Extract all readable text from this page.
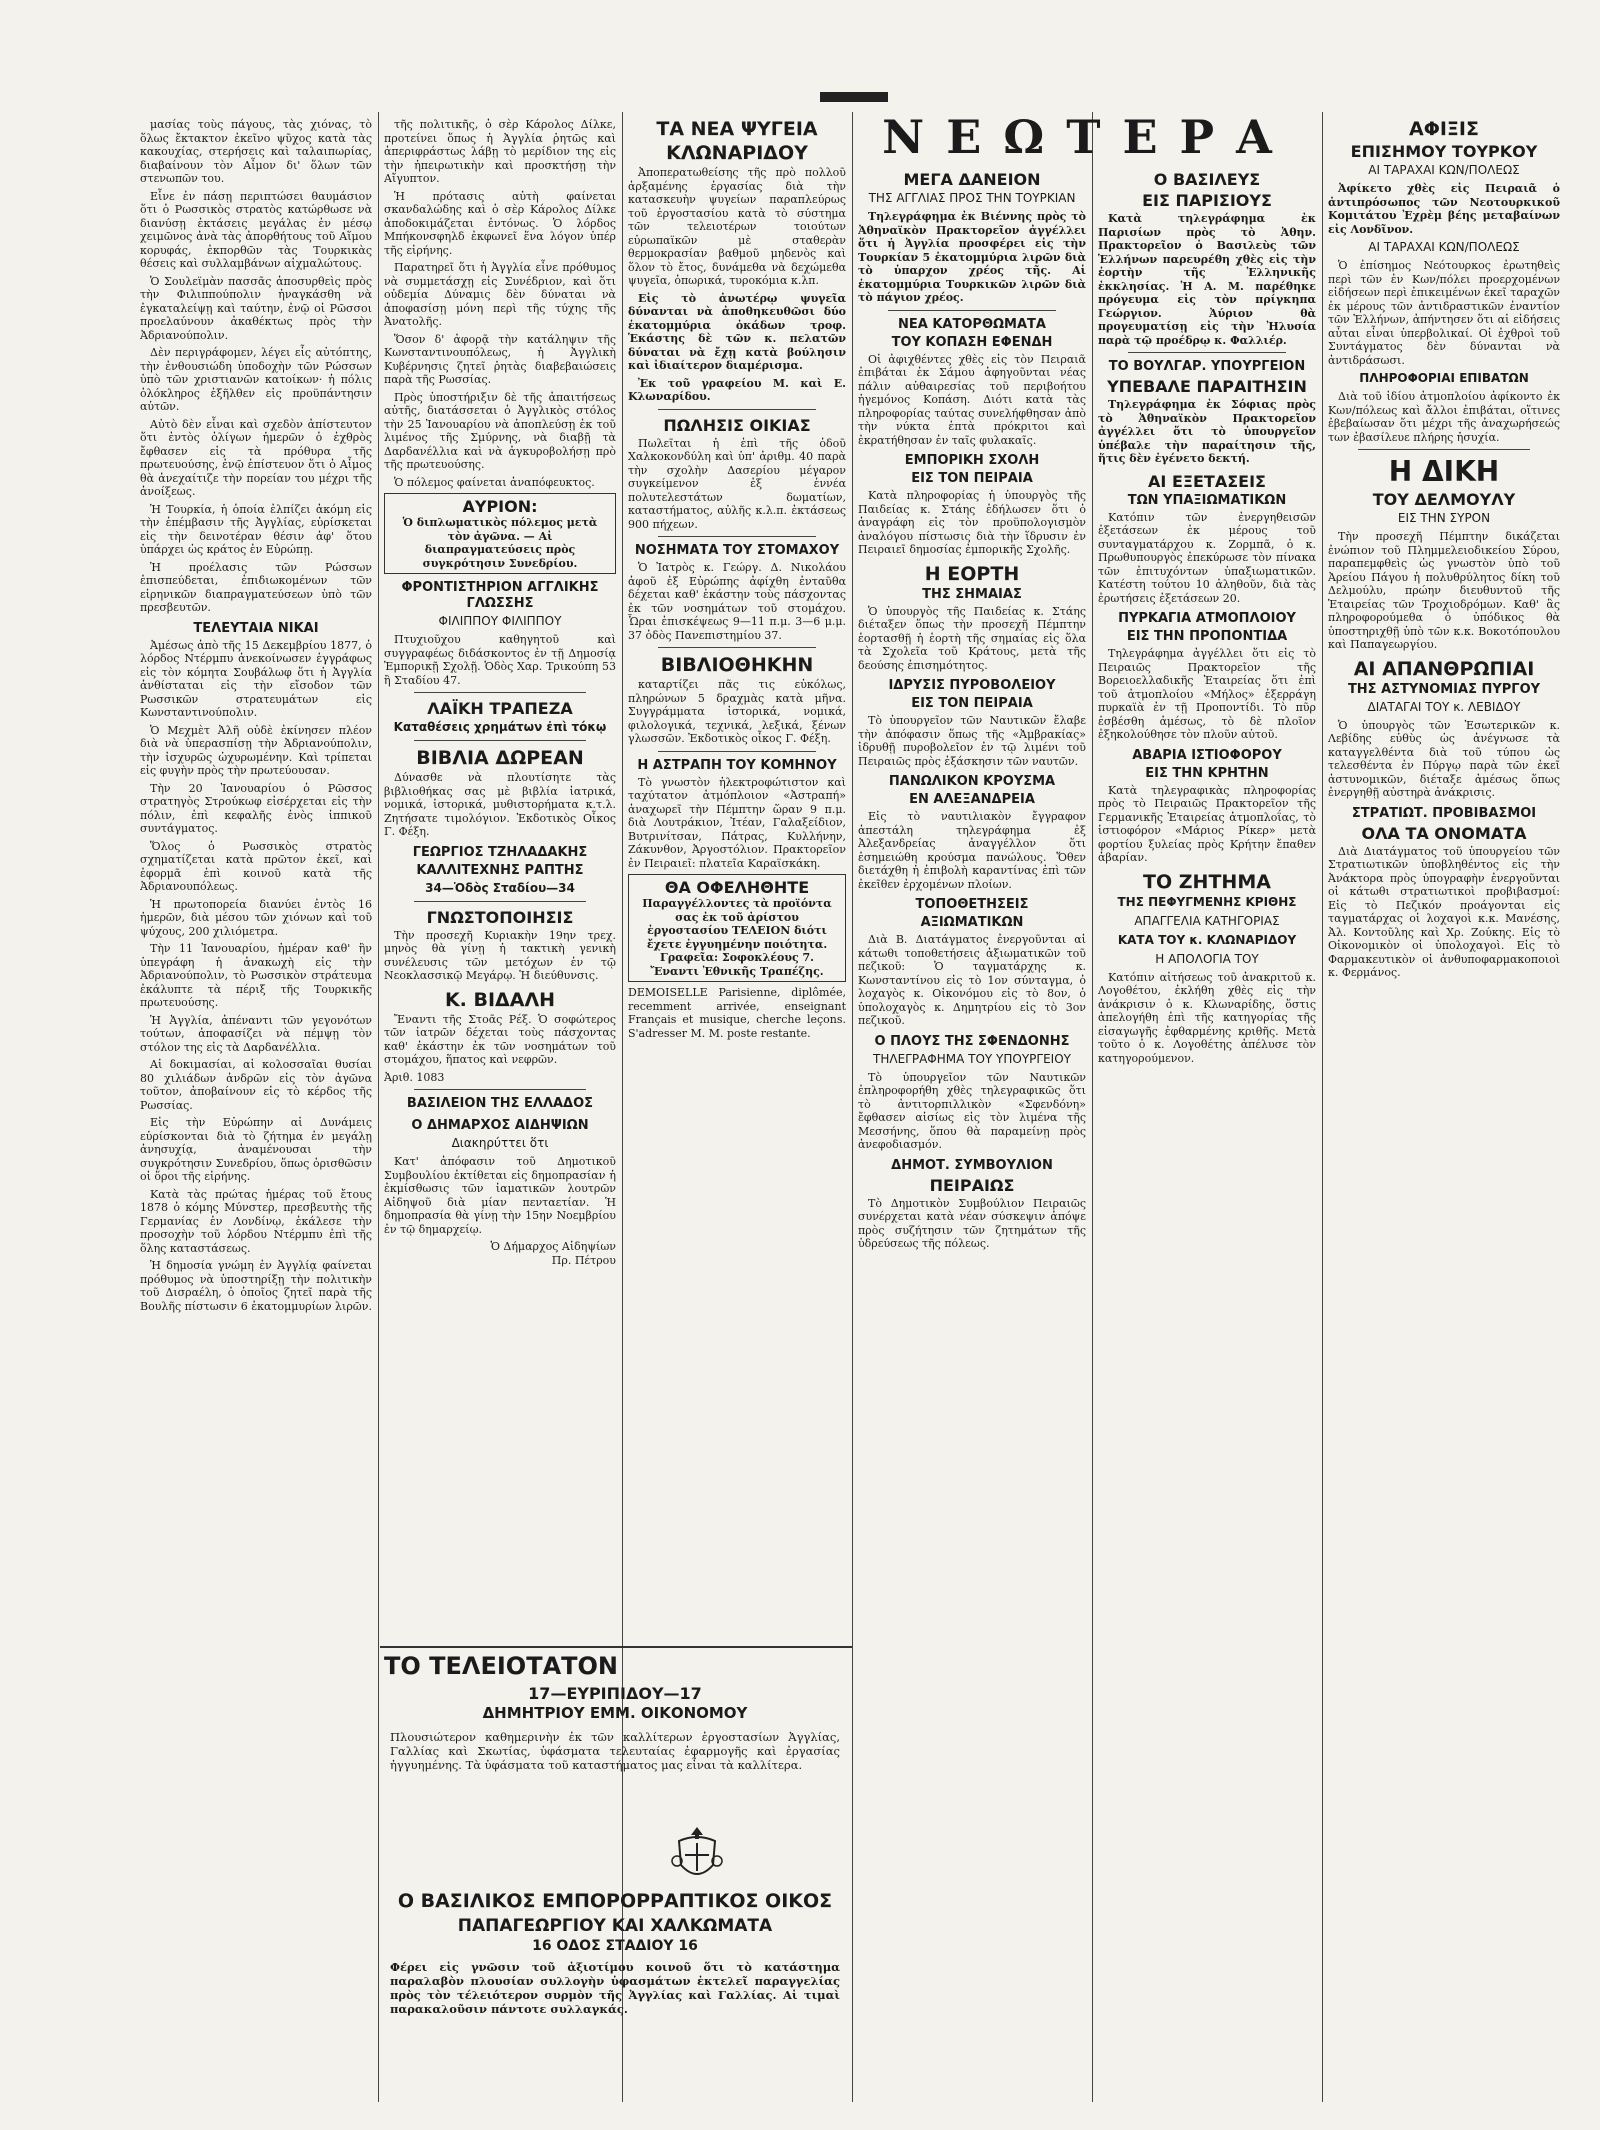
ΝΕΩΤΕΡΑ

μασίας τοὺς πάγους, τὰς χιόνας, τὸ ὅλως ἔκτακτον ἐκεῖνο ψῦχος κατὰ τὰς κακουχίας, στερήσεις καὶ ταλαιπωρίας, διαβαίνουν τὸν Αἶμον δι' ὅλων τῶν στενωπῶν του.

Εἶνε ἐν πάσῃ περιπτώσει θαυμάσιον ὅτι ὁ Ρωσσικὸς στρατὸς κατώρθωσε νὰ διανύσῃ ἐκτάσεις μεγάλας ἐν μέσῳ χειμῶνος ἀνὰ τὰς ἀπορθήτους τοῦ Αἵμου κορυφάς, ἐκπορθῶν τὰς Τουρκικὰς θέσεις καὶ συλλαμβάνων αἰχμαλώτους.

Ὁ Σουλεϊμὰν πασσᾶς ἀποσυρθεὶς πρὸς τὴν Φιλιππούπολιν ἠναγκάσθη νὰ ἐγκαταλείψῃ καὶ ταύτην, ἐνῷ οἱ Ρῶσσοι προελαύνουν ἀκαθέκτως πρὸς τὴν Ἀδριανούπολιν.

Δὲν περιγράφομεν, λέγει εἷς αὐτόπτης, τὴν ἐνθουσιώδη ὑποδοχὴν τῶν Ρώσσων ὑπὸ τῶν χριστιανῶν κατοίκων· ἡ πόλις ὁλόκληρος ἐξῆλθεν εἰς προϋπάντησιν αὐτῶν.

Αὐτὸ δὲν εἶναι καὶ σχεδὸν ἀπίστευτον ὅτι ἐντὸς ὀλίγων ἡμερῶν ὁ ἐχθρὸς ἔφθασεν εἰς τὰ πρόθυρα τῆς πρωτευούσης, ἐνῷ ἐπίστευον ὅτι ὁ Αἷμος θὰ ἀνεχαίτιζε τὴν πορείαν του μέχρι τῆς ἀνοίξεως.

Ἡ Τουρκία, ἡ ὁποία ἐλπίζει ἀκόμη εἰς τὴν ἐπέμβασιν τῆς Ἀγγλίας, εὑρίσκεται εἰς τὴν δεινοτέραν θέσιν ἀφ' ὅτου ὑπάρχει ὡς κράτος ἐν Εὐρώπῃ.

Ἡ προέλασις τῶν Ρώσσων ἐπισπεύδεται, ἐπιδιωκομένων τῶν εἰρηνικῶν διαπραγματεύσεων ὑπὸ τῶν πρεσβευτῶν.

ΤΕΛΕΥΤΑΙΑ ΝΙΚΑΙ

Ἀμέσως ἀπὸ τῆς 15 Δεκεμβρίου 1877, ὁ λόρδος Ντέρμπυ ἀνεκοίνωσεν ἐγγράφως εἰς τὸν κόμητα Σουβάλωφ ὅτι ἡ Ἀγγλία ἀνθίσταται εἰς τὴν εἴσοδον τῶν Ρωσσικῶν στρατευμάτων εἰς Κωνσταντινούπολιν.

Ὁ Μεχμὲτ Ἀλῆ οὐδὲ ἐκίνησεν πλέον διὰ νὰ ὑπερασπίσῃ τὴν Ἀδριανούπολιν, τὴν ἰσχυρῶς ὠχυρωμένην. Καὶ τρίπεται εἰς φυγὴν πρὸς τὴν πρωτεύουσαν.

Τὴν 20 Ἰανουαρίου ὁ Ρῶσσος στρατηγὸς Στρούκωφ εἰσέρχεται εἰς τὴν πόλιν, ἐπὶ κεφαλῆς ἑνὸς ἱππικοῦ συντάγματος.

Ὅλος ὁ Ρωσσικὸς στρατὸς σχηματίζεται κατὰ πρῶτον ἐκεῖ, καὶ ἐφορμᾶ ἐπὶ κοινοῦ κατὰ τῆς Ἀδριανουπόλεως.

Ἡ πρωτοπορεία διανύει ἐντὸς 16 ἡμερῶν, διὰ μέσου τῶν χιόνων καὶ τοῦ ψύχους, 200 χιλιόμετρα.

Τὴν 11 Ἰανουαρίου, ἡμέραν καθ' ἣν ὑπεγράφη ἡ ἀνακωχὴ εἰς τὴν Ἀδριανούπολιν, τὸ Ρωσσικὸν στράτευμα ἐκάλυπτε τὰ πέριξ τῆς Τουρκικῆς πρωτευούσης.

Ἡ Ἀγγλία, ἀπέναντι τῶν γεγονότων τούτων, ἀποφασίζει νὰ πέμψῃ τὸν στόλον της εἰς τὰ Δαρδανέλλια.

Αἱ δοκιμασίαι, αἱ κολοσσαῖαι θυσίαι 80 χιλιάδων ἀνδρῶν εἰς τὸν ἀγῶνα τοῦτον, ἀποβαίνουν εἰς τὸ κέρδος τῆς Ρωσσίας.

Εἰς τὴν Εὐρώπην αἱ Δυνάμεις εὑρίσκονται διὰ τὸ ζήτημα ἐν μεγάλῃ ἀνησυχίᾳ, ἀναμένουσαι τὴν συγκρότησιν Συνεδρίου, ὅπως ὁρισθῶσιν οἱ ὅροι τῆς εἰρήνης.

Κατὰ τὰς πρώτας ἡμέρας τοῦ ἔτους 1878 ὁ κόμης Μύνστερ, πρεσβευτὴς τῆς Γερμανίας ἐν Λονδίνῳ, ἐκάλεσε τὴν προσοχὴν τοῦ λόρδου Ντέρμπυ ἐπὶ τῆς ὅλης καταστάσεως.

Ἡ δημοσία γνώμη ἐν Ἀγγλίᾳ φαίνεται πρόθυμος νὰ ὑποστηρίξῃ τὴν πολιτικὴν τοῦ Δισραέλη, ὁ ὁποῖος ζητεῖ παρὰ τῆς Βουλῆς πίστωσιν 6 ἑκατομμυρίων λιρῶν.

τῆς πολιτικῆς, ὁ σὲρ Κάρολος Δίλκε, προτείνει ὅπως ἡ Ἀγγλία ῥητῶς καὶ ἀπεριφράστως λάβῃ τὸ μερίδιον της εἰς τὴν ἠπειρωτικὴν καὶ προσκτήσῃ τὴν Αἴγυπτον.

Ἡ πρότασις αὐτὴ φαίνεται σκανδαλώδης καὶ ὁ σὲρ Κάρολος Δίλκε ἀποδοκιμάζεται ἐντόνως. Ὁ λόρδος Μπήκονσφηλδ ἐκφωνεῖ ἕνα λόγον ὑπέρ τῆς εἰρήνης.

Παρατηρεῖ ὅτι ἡ Ἀγγλία εἶνε πρόθυμος νὰ συμμετάσχῃ εἰς Συνέδριον, καὶ ὅτι οὐδεμία Δύναμις δὲν δύναται νὰ ἀποφασίσῃ μόνη περὶ τῆς τύχης τῆς Ἀνατολῆς.

Ὅσον δ' ἀφορᾷ τὴν κατάληψιν τῆς Κωνσταντινουπόλεως, ἡ Ἀγγλικὴ Κυβέρνησις ζητεῖ ῥητὰς διαβεβαιώσεις παρὰ τῆς Ρωσσίας.

Πρὸς ὑποστήριξιν δὲ τῆς ἀπαιτήσεως αὐτῆς, διατάσσεται ὁ Ἀγγλικὸς στόλος τὴν 25 Ἰανουαρίου νὰ ἀποπλεύσῃ ἐκ τοῦ λιμένος τῆς Σμύρνης, νὰ διαβῇ τὰ Δαρδανέλλια καὶ νὰ ἀγκυροβολήσῃ πρὸ τῆς πρωτευούσης.

Ὁ πόλεμος φαίνεται ἀναπόφευκτος.

ΑΥΡΙΟΝ:
Ὁ διπλωματικὸς πόλεμος μετὰ τὸν ἀγῶνα. — Αἱ διαπραγματεύσεις πρὸς συγκρότησιν Συνεδρίου.
ΦΡΟΝΤΙΣΤΗΡΙΟΝ ΑΓΓΛΙΚΗΣ ΓΛΩΣΣΗΣ
ΦΙΛΙΠΠΟΥ ΦΙΛΙΠΠΟΥ

Πτυχιοῦχου καθηγητοῦ καὶ συγγραφέως διδάσκοντος ἐν τῇ Δημοσίᾳ Ἐμπορικῇ Σχολῇ. Ὁδὸς Χαρ. Τρικούπη 53 ἢ Σταδίου 47.

ΛΑΪΚΗ ΤΡΑΠΕΖΑ
Καταθέσεις χρημάτων ἐπὶ τόκῳ
ΒΙΒΛΙΑ ΔΩΡΕΑΝ

Δύνασθε νὰ πλουτίσητε τὰς βιβλιοθήκας σας μὲ βιβλία ἰατρικά, νομικά, ἱστορικά, μυθιστορήματα κ.τ.λ. Ζητήσατε τιμολόγιον. Ἐκδοτικὸς Οἶκος Γ. Φέξη.

ΓΕΩΡΓΙΟΣ ΤΖΗΛΑΔΑΚΗΣ
ΚΑΛΛΙΤΕΧΝΗΣ ΡΑΠΤΗΣ
34—Ὁδὸς Σταδίου—34
ΓΝΩΣΤΟΠΟΙΗΣΙΣ

Τὴν προσεχῆ Κυριακὴν 19ην τρεχ. μηνὸς θὰ γίνῃ ἡ τακτικὴ γενικὴ συνέλευσις τῶν μετόχων ἐν τῷ Νεοκλασσικῷ Μεγάρῳ. Ἡ διεύθυνσις.

Κ. ΒΙΔΑΛΗ

Ἔναντι τῆς Στοᾶς Ρέξ. Ὁ σοφώτερος τῶν ἰατρῶν δέχεται τοὺς πάσχοντας καθ' ἑκάστην ἐκ τῶν νοσημάτων τοῦ στομάχου, ἥπατος καὶ νεφρῶν.

Ἀριθ. 1083
ΒΑΣΙΛΕΙΟΝ ΤΗΣ ΕΛΛΑΔΟΣ
Ο ΔΗΜΑΡΧΟΣ ΑΙΔΗΨΙΩΝ
Διακηρύττει ὅτι

Κατ' ἀπόφασιν τοῦ Δημοτικοῦ Συμβουλίου ἐκτίθεται εἰς δημοπρασίαν ἡ ἐκμίσθωσις τῶν ἰαματικῶν λουτρῶν Αἰδηψοῦ διὰ μίαν πενταετίαν. Ἡ δημοπρασία θὰ γίνῃ τὴν 15ην Νοεμβρίου ἐν τῷ δημαρχείῳ.

Ὁ Δήμαρχος Αἰδηψίων
Πρ. Πέτρου
ΤΑ ΝΕΑ ΨΥΓΕΙΑ
ΚΛΩΝΑΡΙΔΟΥ

Ἀποπερατωθείσης τῆς πρὸ πολλοῦ ἀρξαμένης ἐργασίας διὰ τὴν κατασκευὴν ψυγείων παραπλεύρως τοῦ ἐργοστασίου κατὰ τὸ σύστημα τῶν τελειοτέρων τοιούτων εὐρωπαϊκῶν μὲ σταθερὰν θερμοκρασίαν βαθμοῦ μηδενὸς καὶ ὅλον τὸ ἔτος, δυνάμεθα νὰ δεχώμεθα ψυγεῖα, ὀπωρικά, τυροκόμια κ.λπ.

Εἰς τὸ ἀνωτέρῳ ψυγεῖα δύνανται νὰ ἀποθηκευθῶσι δύο ἑκατομμύρια ὀκάδων τροφ. Ἑκάστης δὲ τῶν κ. πελατῶν δύναται νὰ ἔχῃ κατὰ βούλησιν καὶ ἰδιαίτερον διαμέρισμα.

Ἐκ τοῦ γραφείου Μ. καὶ Ε. Κλωναρίδου.

ΠΩΛΗΣΙΣ ΟΙΚΙΑΣ

Πωλεῖται ἡ ἐπὶ τῆς ὁδοῦ Χαλκοκονδύλη καὶ ὑπ' ἀριθμ. 40 παρὰ τὴν σχολὴν Δασερίου μέγαρον συγκείμενον ἐξ ἐννέα πολυτελεστάτων δωματίων, καταστήματος, αὐλῆς κ.λ.π. ἐκτάσεως 900 πήχεων.

ΝΟΣΗΜΑΤΑ ΤΟΥ ΣΤΟΜΑΧΟΥ

Ὁ Ἰατρὸς κ. Γεώργ. Δ. Νικολάου ἀφοῦ ἐξ Εὐρώπης ἀφίχθη ἐνταῦθα δέχεται καθ' ἑκάστην τοὺς πάσχοντας ἐκ τῶν νοσημάτων τοῦ στομάχου. Ὧραι ἐπισκέψεως 9—11 π.μ. 3—6 μ.μ. 37 ὁδὸς Πανεπιστημίου 37.

ΒΙΒΛΙΟΘΗΚΗΝ

καταρτίζει πᾶς τις εὐκόλως, πληρώνων 5 δραχμὰς κατὰ μῆνα. Συγγράμματα ἱστορικά, νομικά, φιλολογικά, τεχνικά, λεξικά, ξένων γλωσσῶν. Ἐκδοτικὸς οἶκος Γ. Φέξη.

Η ΑΣΤΡΑΠΗ ΤΟΥ ΚΟΜΗΝΟΥ

Τὸ γνωστὸν ἡλεκτροφώτιστον καὶ ταχύτατον ἀτμόπλοιον «Ἀστραπή» ἀναχωρεῖ τὴν Πέμπτην ὥραν 9 π.μ. διὰ Λουτράκιον, Ἰτέαν, Γαλαξείδιον, Βυτρινίτσαν, Πάτρας, Κυλλήνην, Ζάκυνθον, Ἀργοστόλιον. Πρακτορεῖον ἐν Πειραιεῖ: πλατεῖα Καραϊσκάκη.

ΘΑ ΟΦΕΛΗΘΗΤΕ
Παραγγέλλοντες τὰ προϊόντα σας ἐκ τοῦ ἀρίστου ἐργοστασίου ΤΕΛΕΙΟΝ διότι ἔχετε ἐγγυημένην ποιότητα. Γραφεῖα: Σοφοκλέους 7. Ἔναντι Ἐθνικῆς Τραπέζης.

DEMOISELLE Parisienne, diplômée, recemment arrivée, enseignant Français et musique, cherche leçons. S'adresser M. M. poste restante.

ΜΕΓΑ ΔΑΝΕΙΟΝ
ΤΗΣ ΑΓΓΛΙΑΣ ΠΡΟΣ ΤΗΝ ΤΟΥΡΚΙΑΝ

Τηλεγράφημα ἐκ Βιέννης πρὸς τὸ Ἀθηναϊκὸν Πρακτορεῖον ἀγγέλλει ὅτι ἡ Ἀγγλία προσφέρει εἰς τὴν Τουρκίαν 5 ἑκατομμύρια λιρῶν διὰ τὸ ὑπαρχον χρέος τῆς. Αἱ ἑκατομμύρια Τουρκικῶν λιρῶν διὰ τὸ πάγιον χρέος.

ΝΕΑ ΚΑΤΟΡΘΩΜΑΤΑ
ΤΟΥ ΚΟΠΑΣΗ ΕΦΕΝΔΗ

Οἱ ἀφιχθέντες χθὲς εἰς τὸν Πειραιᾶ ἐπιβάται ἐκ Σάμου ἀφηγοῦνται νέας πάλιν αὐθαιρεσίας τοῦ περιβοήτου ἡγεμόνος Κοπάση. Διότι κατὰ τὰς πληροφορίας ταύτας συνελήφθησαν ἀπὸ τὴν νύκτα ἑπτὰ πρόκριτοι καὶ ἐκρατήθησαν ἐν ταῖς φυλακαῖς.

ΕΜΠΟΡΙΚΗ ΣΧΟΛΗ
ΕΙΣ ΤΟΝ ΠΕΙΡΑΙΑ

Κατὰ πληροφορίας ἡ ὑπουργὸς τῆς Παιδείας κ. Στάης ἐδήλωσεν ὅτι ὁ ἀναγράφη εἰς τὸν προϋπολογισμὸν ἀναλόγου πίστωσις διὰ τὴν ἵδρυσιν ἐν Πειραιεῖ δημοσίας ἐμπορικῆς Σχολῆς.

Η ΕΟΡΤΗ
ΤΗΣ ΣΗΜΑΙΑΣ

Ὁ ὑπουργὸς τῆς Παιδείας κ. Στάης διέταξεν ὅπως τὴν προσεχῆ Πέμπτην ἑορτασθῇ ἡ ἑορτὴ τῆς σημαίας εἰς ὅλα τὰ Σχολεῖα τοῦ Κράτους, μετὰ τῆς δεούσης ἐπισημότητος.

ΙΔΡΥΣΙΣ ΠΥΡΟΒΟΛΕΙΟΥ
ΕΙΣ ΤΟΝ ΠΕΙΡΑΙΑ

Τὸ ὑπουργεῖον τῶν Ναυτικῶν ἔλαβε τὴν ἀπόφασιν ὅπως τῆς «Ἀμβρακίας» ἱδρυθῇ πυροβολεῖον ἐν τῷ λιμένι τοῦ Πειραιῶς πρὸς ἐξάσκησιν τῶν ναυτῶν.

ΠΑΝΩΛΙΚΟΝ ΚΡΟΥΣΜΑ
ΕΝ ΑΛΕΞΑΝΔΡΕΙΑ

Εἰς τὸ ναυτιλιακὸν ἔγγραφον ἀπεστάλη τηλεγράφημα ἐξ Ἀλεξανδρείας ἀναγγέλλον ὅτι ἐσημειώθη κρούσμα πανώλους. Ὅθεν διετάχθη ἡ ἐπιβολὴ καραντίνας ἐπὶ τῶν ἐκεῖθεν ἐρχομένων πλοίων.

ΤΟΠΟΘΕΤΗΣΕΙΣ
ΑΞΙΩΜΑΤΙΚΩΝ

Διὰ Β. Διατάγματος ἐνεργοῦνται αἱ κάτωθι τοποθετήσεις ἀξιωματικῶν τοῦ πεζικοῦ: Ὁ ταγματάρχης κ. Κωνσταντίνου εἰς τὸ 1ον σύνταγμα, ὁ λοχαγὸς κ. Οἰκονόμου εἰς τὸ 8ον, ὁ ὑπολοχαγὸς κ. Δημητρίου εἰς τὸ 3ον πεζικοῦ.

Ο ΠΛΟΥΣ ΤΗΣ ΣΦΕΝΔΟΝΗΣ
ΤΗΛΕΓΡΑΦΗΜΑ ΤΟΥ ΥΠΟΥΡΓΕΙΟΥ

Τὸ ὑπουργεῖον τῶν Ναυτικῶν ἐπληροφορήθη χθὲς τηλεγραφικῶς ὅτι τὸ ἀντιτορπιλλικὸν «Σφενδόνη» ἔφθασεν αἰσίως εἰς τὸν λιμένα τῆς Μεσσήνης, ὅπου θὰ παραμείνῃ πρὸς ἀνεφοδιασμόν.

ΔΗΜΟΤ. ΣΥΜΒΟΥΛΙΟΝ
ΠΕΙΡΑΙΩΣ

Τὸ Δημοτικὸν Συμβούλιον Πειραιῶς συνέρχεται κατὰ νέαν σύσκεψιν ἀπόψε πρὸς συζήτησιν τῶν ζητημάτων τῆς ὑδρεύσεως τῆς πόλεως.

Ο ΒΑΣΙΛΕΥΣ
ΕΙΣ ΠΑΡΙΣΙΟΥΣ

Κατὰ τηλεγράφημα ἐκ Παρισίων πρὸς τὸ Ἀθην. Πρακτορεῖον ὁ Βασιλεὺς τῶν Ἑλλήνων παρευρέθη χθὲς εἰς τὴν ἑορτὴν τῆς Ἑλληνικῆς ἐκκλησίας. Ἡ Α. Μ. παρέθηκε πρόγευμα εἰς τὸν πρίγκηπα Γεώργιον. Ἀύριον θὰ προγευματίσῃ εἰς τὴν Ἠλυσία παρὰ τῷ προέδρῳ κ. Φαλλιέρ.

ΤΟ ΒΟΥΛΓΑΡ. ΥΠΟΥΡΓΕΙΟΝ
ΥΠΕΒΑΛΕ ΠΑΡΑΙΤΗΣΙΝ

Τηλεγράφημα ἐκ Σόφιας πρὸς τὸ Ἀθηναϊκὸν Πρακτορεῖον ἀγγέλλει ὅτι τὸ ὑπουργεῖον ὑπέβαλε τὴν παραίτησιν τῆς, ἥτις δὲν ἐγένετο δεκτή.

ΑΙ ΕΞΕΤΑΣΕΙΣ
ΤΩΝ ΥΠΑΞΙΩΜΑΤΙΚΩΝ

Κατόπιν τῶν ἐνεργηθεισῶν ἐξετάσεων ἐκ μέρους τοῦ συνταγματάρχου κ. Ζορμπᾶ, ὁ κ. Πρωθυπουργὸς ἐπεκύρωσε τὸν πίνακα τῶν ἐπιτυχόντων ὑπαξιωματικῶν. Κατέστη τούτου 10 ἀληθοῦν, διὰ τὰς ἐρωτήσεις ἐξετάσεων 20.

ΠΥΡΚΑΓΙΑ ΑΤΜΟΠΛΟΙΟΥ
ΕΙΣ ΤΗΝ ΠΡΟΠΟΝΤΙΔΑ

Τηλεγράφημα ἀγγέλλει ὅτι εἰς τὸ Πειραιῶς Πρακτορεῖον τῆς Βορειοελλαδικῆς Ἑταιρείας ὅτι ἐπὶ τοῦ ἀτμοπλοίου «Μήλος» ἐξερράγη πυρκαϊὰ ἐν τῇ Προποντίδι. Τὸ πῦρ ἐσβέσθη ἀμέσως, τὸ δὲ πλοῖον ἐξηκολούθησε τὸν πλοῦν αὐτοῦ.

ΑΒΑΡΙΑ ΙΣΤΙΟΦΟΡΟΥ
ΕΙΣ ΤΗΝ ΚΡΗΤΗΝ

Κατὰ τηλεγραφικὰς πληροφορίας πρὸς τὸ Πειραιῶς Πρακτορεῖον τῆς Γερμανικῆς Ἑταιρείας ἀτμοπλοΐας, τὸ ἱστιοφόρον «Μάριος Ρίκερ» μετὰ φορτίου ξυλείας πρὸς Κρήτην ἔπαθεν ἀβαρίαν.

ΤΟ ΖΗΤΗΜΑ
ΤΗΣ ΠΕΦΥΓΜΕΝΗΣ ΚΡΙΘΗΣ
ΑΠΑΓΓΕΛΙΑ ΚΑΤΗΓΟΡΙΑΣ
ΚΑΤΑ ΤΟΥ κ. ΚΛΩΝΑΡΙΔΟΥ
Η ΑΠΟΛΟΓΙΑ ΤΟΥ

Κατόπιν αἰτήσεως τοῦ ἀνακριτοῦ κ. Λογοθέτου, ἐκλήθη χθὲς εἰς τὴν ἀνάκρισιν ὁ κ. Κλωναρίδης, ὅστις ἀπελογήθη ἐπὶ τῆς κατηγορίας τῆς εἰσαγωγῆς ἐφθαρμένης κριθῆς. Μετὰ τοῦτο ὁ κ. Λογοθέτης ἀπέλυσε τὸν κατηγορούμενον.

ΑΦΙΞΙΣ
ΕΠΙΣΗΜΟΥ ΤΟΥΡΚΟΥ
ΑΙ ΤΑΡΑΧΑΙ ΚΩΝ/ΠΟΛΕΩΣ

Ἀφίκετο χθὲς εἰς Πειραιᾶ ὁ ἀντιπρόσωπος τῶν Νεοτουρκικοῦ Κομιτάτου Ἐχρὲμ βέης μεταβαίνων εἰς Λονδῖνον.

ΑΙ ΤΑΡΑΧΑΙ ΚΩΝ/ΠΟΛΕΩΣ

Ὁ ἐπίσημος Νεότουρκος ἐρωτηθεὶς περὶ τῶν ἐν Κων/πόλει προερχομένων εἰδήσεων περὶ ἐπικειμένων ἐκεῖ ταραχῶν ἐκ μέρους τῶν ἀντιδραστικῶν ἐναντίον τῶν Ἑλλήνων, ἀπήντησεν ὅτι αἱ εἰδήσεις αὗται εἶναι ὑπερβολικαί. Οἱ ἐχθροὶ τοῦ Συντάγματος δὲν δύνανται νὰ ἀντιδράσωσι.

ΠΛΗΡΟΦΟΡΙΑΙ ΕΠΙΒΑΤΩΝ

Διὰ τοῦ ἰδίου ἀτμοπλοίου ἀφίκοντο ἐκ Κων/πόλεως καὶ ἄλλοι ἐπιβάται, οἵτινες ἐβεβαίωσαν ὅτι μέχρι τῆς ἀναχωρήσεώς των ἐβασίλευε πλήρης ἡσυχία.

Η ΔΙΚΗ
ΤΟΥ ΔΕΛΜΟΥΛΥ
ΕΙΣ ΤΗΝ ΣΥΡΟΝ

Τὴν προσεχῆ Πέμπτην δικάζεται ἐνώπιον τοῦ Πλημμελειοδικείου Σύρου, παραπεμφθεὶς ὡς γνωστὸν ὑπὸ τοῦ Ἀρείου Πάγου ἡ πολυθρύλητος δίκη τοῦ Δελμούλυ, πρώην διευθυντοῦ τῆς Ἑταιρείας τῶν Τροχιοδρόμων. Καθ' ἃς πληροφορούμεθα ὁ ὑπόδικος θὰ ὑποστηριχθῇ ὑπὸ τῶν κ.κ. Βοκοτόπουλου καὶ Παπαγεωργίου.

ΑΙ ΑΠΑΝΘΡΩΠΙΑΙ
ΤΗΣ ΑΣΤΥΝΟΜΙΑΣ ΠΥΡΓΟΥ
ΔΙΑΤΑΓΑΙ ΤΟΥ κ. ΛΕΒΙΔΟΥ

Ὁ ὑπουργὸς τῶν Ἐσωτερικῶν κ. Λεβίδης εὐθὺς ὡς ἀνέγνωσε τὰ καταγγελθέντα διὰ τοῦ τύπου ὡς τελεσθέντα ἐν Πύργῳ παρὰ τῶν ἐκεῖ ἀστυνομικῶν, διέταξε ἀμέσως ὅπως ἐνεργηθῇ αὐστηρὰ ἀνάκρισις.

ΣΤΡΑΤΙΩΤ. ΠΡΟΒΙΒΑΣΜΟΙ
ΟΛΑ ΤΑ ΟΝΟΜΑΤΑ

Διὰ Διατάγματος τοῦ ὑπουργείου τῶν Στρατιωτικῶν ὑποβληθέντος εἰς τὴν Ἀνάκτορα πρὸς ὑπογραφὴν ἐνεργοῦνται οἱ κάτωθι στρατιωτικοὶ προβιβασμοί: Εἰς τὸ Πεζικόν προάγονται εἰς ταγματάρχας οἱ λοχαγοὶ κ.κ. Μανέσης, Ἀλ. Κοντοῦλης καὶ Χρ. Ζούκης. Εἰς τὸ Οἰκονομικὸν οἱ ὑπολοχαγοὶ. Εἰς τὸ Φαρμακευτικὸν οἱ ἀνθυποφαρμακοποιοὶ κ. Φερμάνος.

ΤΟ ΤΕΛΕΙΟΤΑΤΟΝ
17—ΕΥΡΙΠΙΔΟΥ—17
ΔΗΜΗΤΡΙΟΥ ΕΜΜ. ΟΙΚΟΝΟΜΟΥ
Πλουσιώτερον καθημερινὴν ἐκ τῶν καλλίτερων ἐργοστασίων Ἀγγλίας, Γαλλίας καὶ Σκωτίας, ὑφάσματα τελευταίας ἐφαρμογῆς καὶ ἐργασίας ἠγγυημένης. Τὰ ὑφάσματα τοῦ καταστήματος μας εἶναι τὰ καλλίτερα.
Ο ΒΑΣΙΛΙΚΟΣ ΕΜΠΟΡΟΡΡΑΠΤΙΚΟΣ ΟΙΚΟΣ
ΠΑΠΑΓΕΩΡΓΙΟΥ ΚΑΙ ΧΑΛΚΩΜΑΤΑ
16 ΟΔΟΣ ΣΤΑΔΙΟΥ 16
Φέρει εἰς γνῶσιν τοῦ ἀξιοτίμου κοινοῦ ὅτι τὸ κατάστημα παραλαβὸν πλουσίαν συλλογὴν ὑφασμάτων ἐκτελεῖ παραγγελίας πρὸς τὸν τέλειότερον συρμὸν τῆς Ἀγγλίας καὶ Γαλλίας. Αἱ τιμαὶ παρακαλοῦσιν πάντοτε συλλαγκάς.
